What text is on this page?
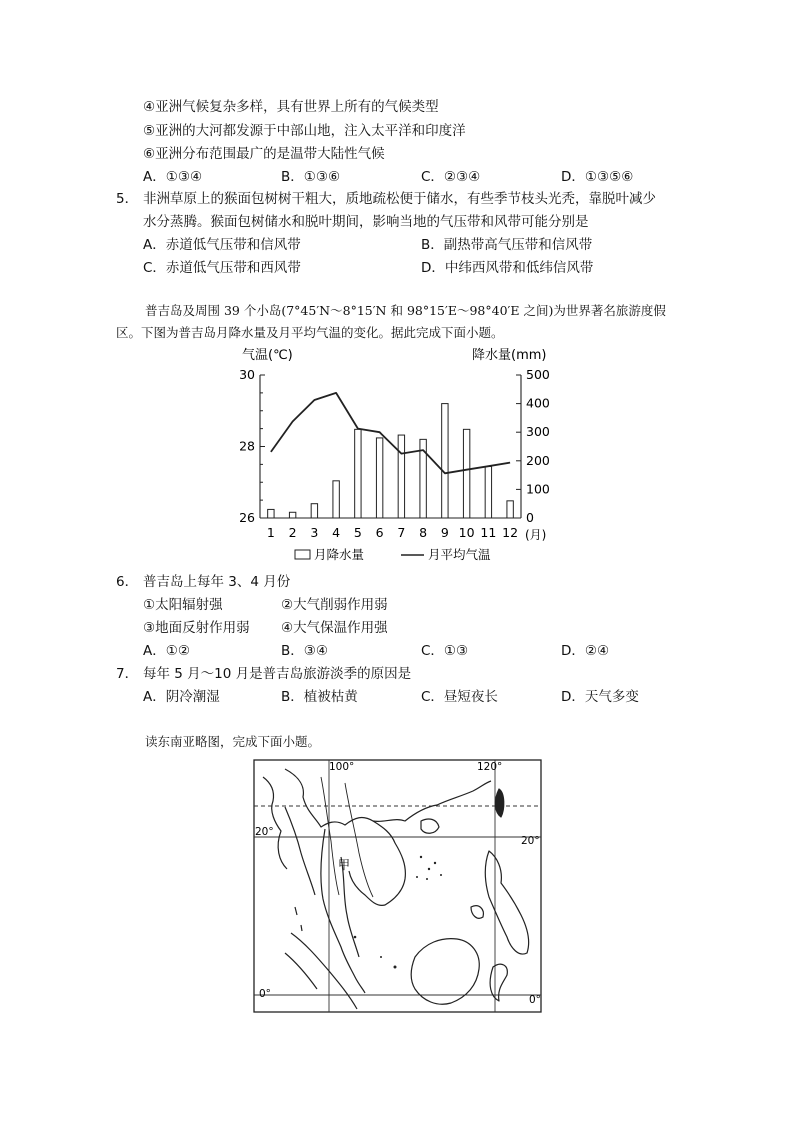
④亚洲气候复杂多样，具有世界上所有的气候类型
⑤亚洲的大河都发源于中部山地，注入太平洋和印度洋
⑥亚洲分布范围最广的是温带大陆性气候
A．①③④	B．①③⑥	C．②③④	D．①③⑤⑥
5． 非洲草原上的猴面包树树干粗大，质地疏松便于储水，有些季节枝头光秃，靠脱叶减少
水分蒸腾。猴面包树储水和脱叶期间，影响当地的气压带和风带可能分别是
A．赤道低气压带和信风带	B．副热带高气压带和信风带
C．赤道低气压带和西风带	D．中纬西风带和低纬信风带
普吉岛及周围 39 个小岛(7°45′N～8°15′N 和 98°15′E～98°40′E 之间)为世界著名旅游度假
区。下图为普吉岛月降水量及月平均气温的变化。据此完成下面小题。
气温(℃)	降水量(mm)
26
28
30
0
100
200
300
400
500
1 2 3 4 5 6 7 8 9 10 11 12 (月)
月降水量	月平均气温
6． 普吉岛上每年 3、4 月份
①太阳辐射强	②大气削弱作用弱
③地面反射作用弱 ④大气保温作用强
A．①②	B．③④	C．①③	D．②④
7． 每年 5 月～10 月是普吉岛旅游淡季的原因是
A．阴冷潮湿	B．植被枯黄	C．昼短夜长	D．天气多变
读东南亚略图，完成下面小题。
100°	120°
20°
20°
0°	0°
甲
